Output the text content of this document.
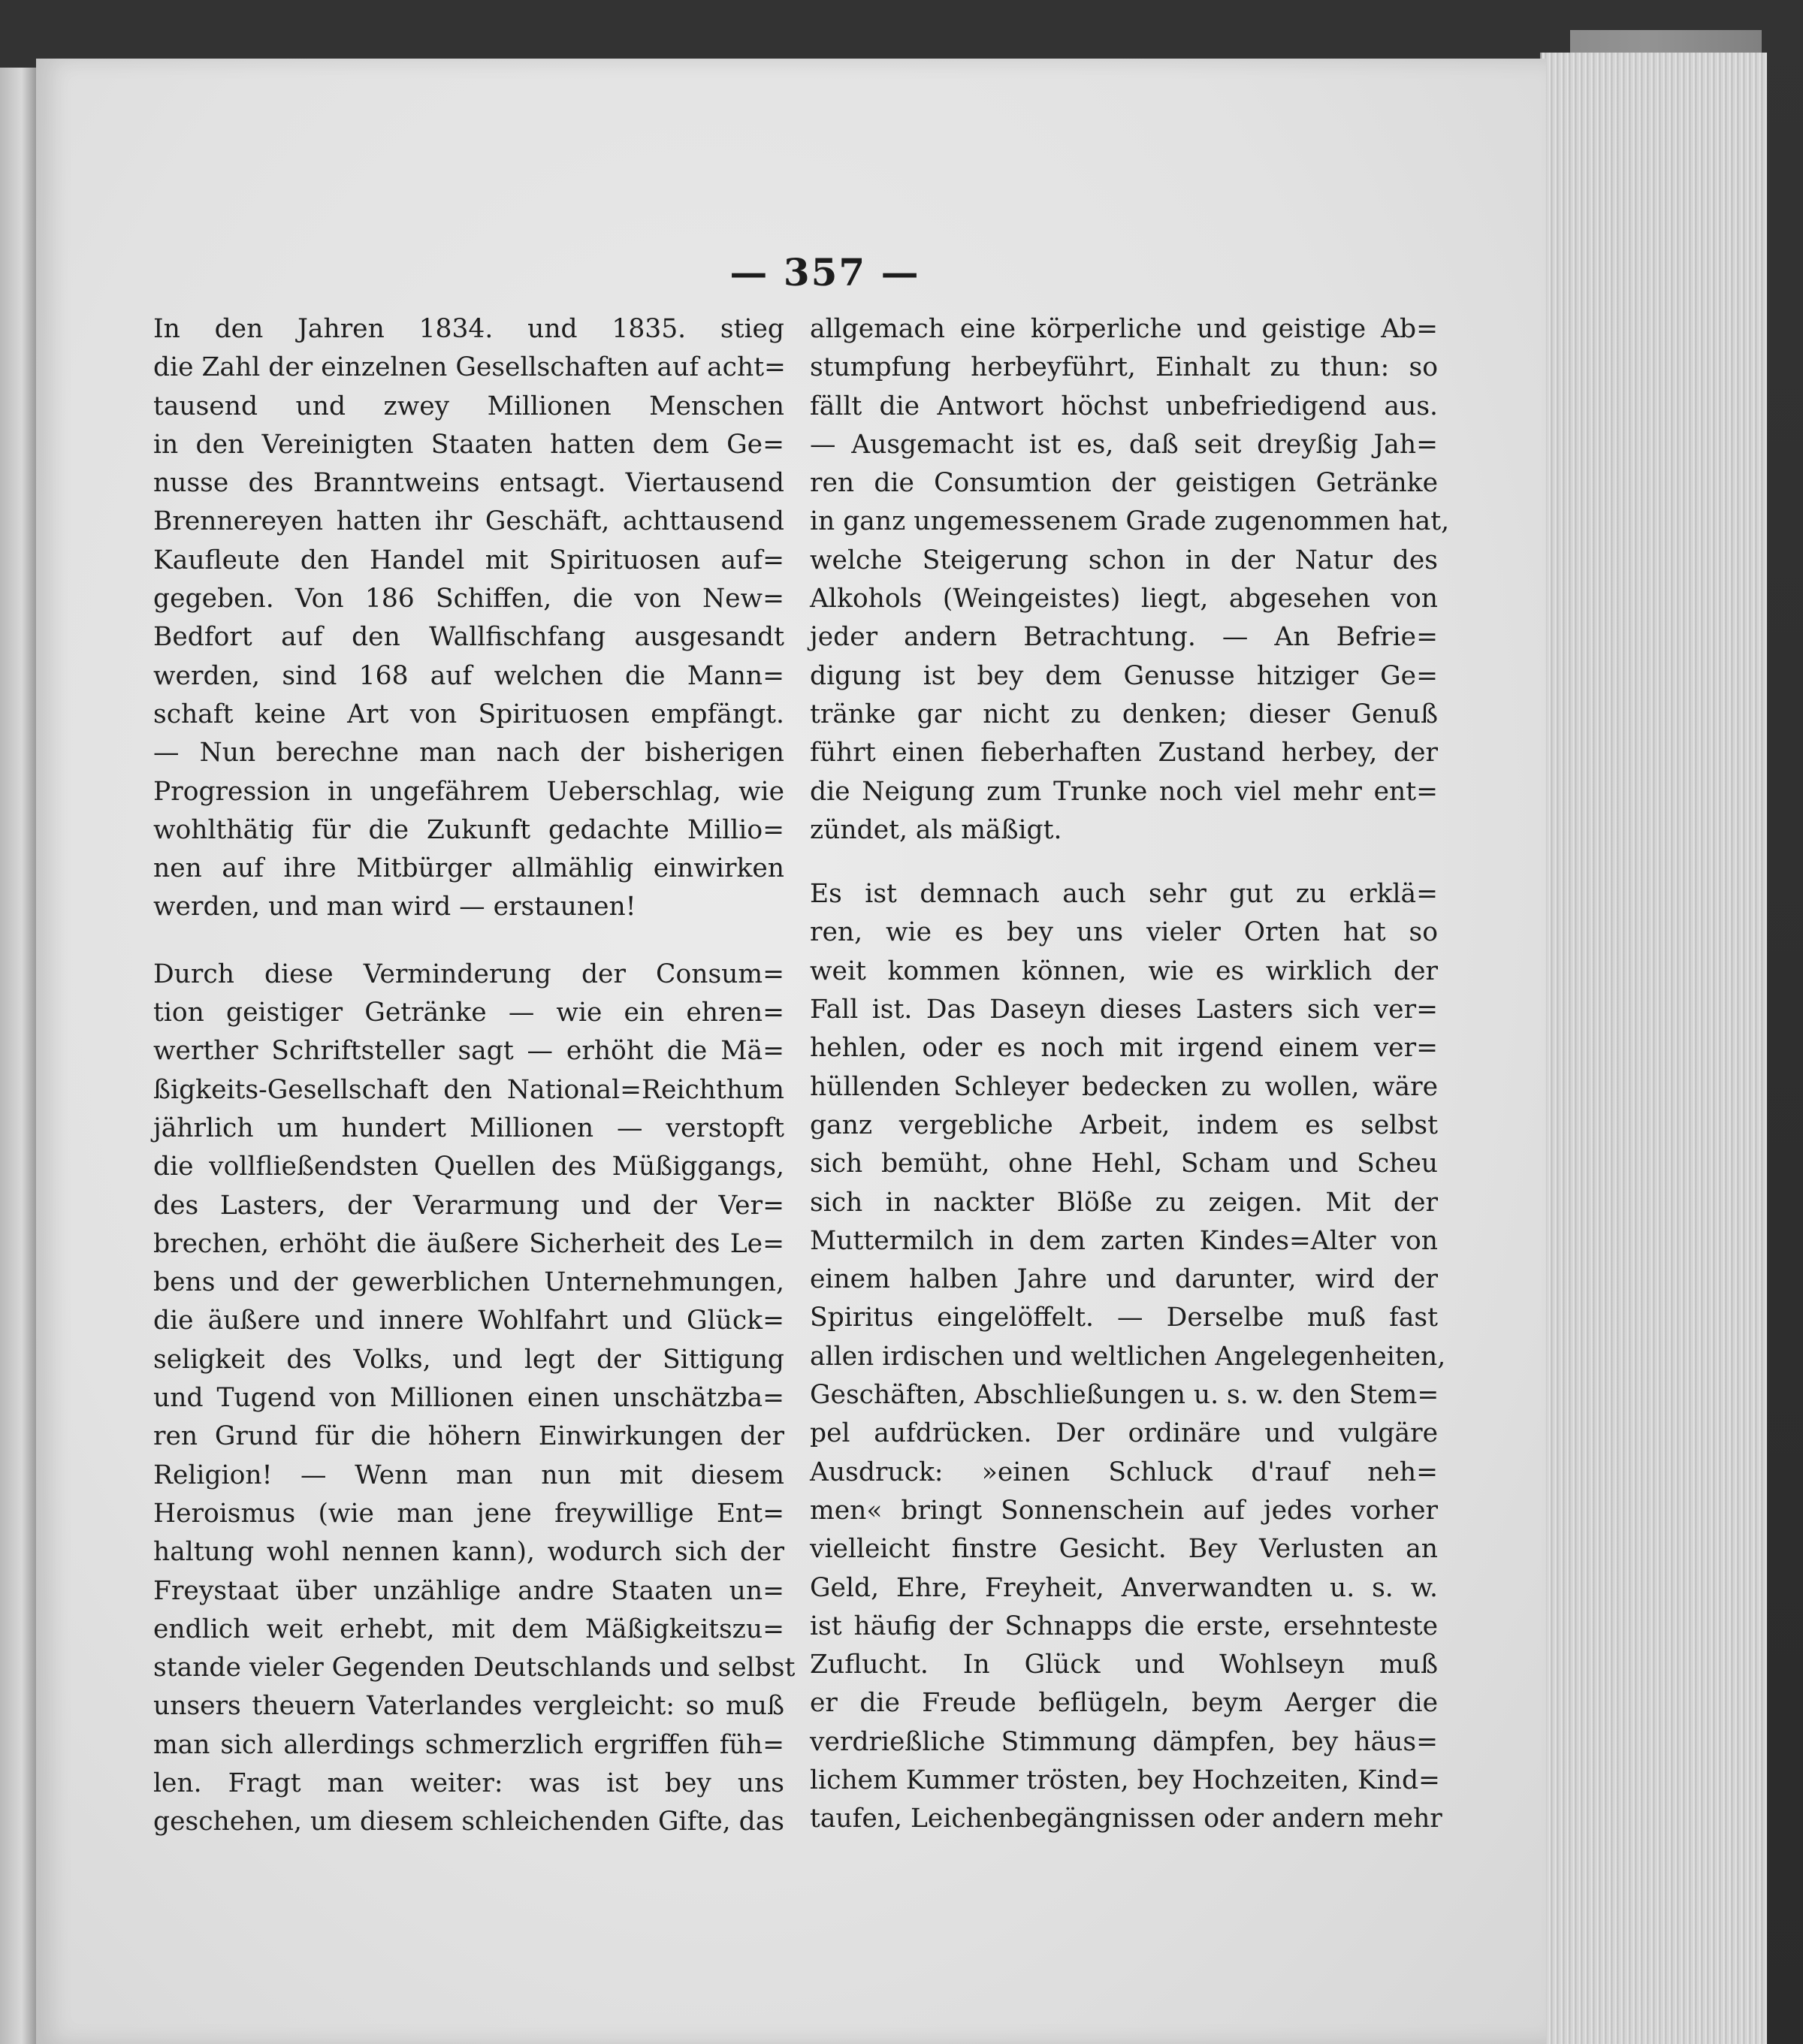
— 357 —
In den Jahren 1834. und 1835. stieg
die Zahl der einzelnen Gesellschaften auf acht=
tausend und zwey Millionen Menschen
in den Vereinigten Staaten hatten dem Ge=
nusse des Branntweins entsagt. Viertausend
Brennereyen hatten ihr Geschäft, achttausend
Kaufleute den Handel mit Spirituosen auf=
gegeben. Von 186 Schiffen, die von New=
Bedfort auf den Wallfischfang ausgesandt
werden, sind 168 auf welchen die Mann=
schaft keine Art von Spirituosen empfängt.
— Nun berechne man nach der bisherigen
Progression in ungefährem Ueberschlag, wie
wohlthätig für die Zukunft gedachte Millio=
nen auf ihre Mitbürger allmählig einwirken
werden, und man wird — erstaunen!
Durch diese Verminderung der Consum=
tion geistiger Getränke — wie ein ehren=
werther Schriftsteller sagt — erhöht die Mä=
ßigkeits-Gesellschaft den National=Reichthum
jährlich um hundert Millionen — verstopft
die vollfließendsten Quellen des Müßiggangs,
des Lasters, der Verarmung und der Ver=
brechen, erhöht die äußere Sicherheit des Le=
bens und der gewerblichen Unternehmungen,
die äußere und innere Wohlfahrt und Glück=
seligkeit des Volks, und legt der Sittigung
und Tugend von Millionen einen unschätzba=
ren Grund für die höhern Einwirkungen der
Religion! — Wenn man nun mit diesem
Heroismus (wie man jene freywillige Ent=
haltung wohl nennen kann), wodurch sich der
Freystaat über unzählige andre Staaten un=
endlich weit erhebt, mit dem Mäßigkeitszu=
stande vieler Gegenden Deutschlands und selbst
unsers theuern Vaterlandes vergleicht: so muß
man sich allerdings schmerzlich ergriffen füh=
len. Fragt man weiter: was ist bey uns
geschehen, um diesem schleichenden Gifte, das
allgemach eine körperliche und geistige Ab=
stumpfung herbeyführt, Einhalt zu thun: so
fällt die Antwort höchst unbefriedigend aus.
— Ausgemacht ist es, daß seit dreyßig Jah=
ren die Consumtion der geistigen Getränke
in ganz ungemessenem Grade zugenommen hat,
welche Steigerung schon in der Natur des
Alkohols (Weingeistes) liegt, abgesehen von
jeder andern Betrachtung. — An Befrie=
digung ist bey dem Genusse hitziger Ge=
tränke gar nicht zu denken; dieser Genuß
führt einen fieberhaften Zustand herbey, der
die Neigung zum Trunke noch viel mehr ent=
zündet, als mäßigt.
Es ist demnach auch sehr gut zu erklä=
ren, wie es bey uns vieler Orten hat so
weit kommen können, wie es wirklich der
Fall ist. Das Daseyn dieses Lasters sich ver=
hehlen, oder es noch mit irgend einem ver=
hüllenden Schleyer bedecken zu wollen, wäre
ganz vergebliche Arbeit, indem es selbst
sich bemüht, ohne Hehl, Scham und Scheu
sich in nackter Blöße zu zeigen. Mit der
Muttermilch in dem zarten Kindes=Alter von
einem halben Jahre und darunter, wird der
Spiritus eingelöffelt. — Derselbe muß fast
allen irdischen und weltlichen Angelegenheiten,
Geschäften, Abschließungen u. s. w. den Stem=
pel aufdrücken. Der ordinäre und vulgäre
Ausdruck: »einen Schluck d'rauf neh=
men« bringt Sonnenschein auf jedes vorher
vielleicht finstre Gesicht. Bey Verlusten an
Geld, Ehre, Freyheit, Anverwandten u. s. w.
ist häufig der Schnapps die erste, ersehnteste
Zuflucht. In Glück und Wohlseyn muß
er die Freude beflügeln, beym Aerger die
verdrießliche Stimmung dämpfen, bey häus=
lichem Kummer trösten, bey Hochzeiten, Kind=
taufen, Leichenbegängnissen oder andern mehr
